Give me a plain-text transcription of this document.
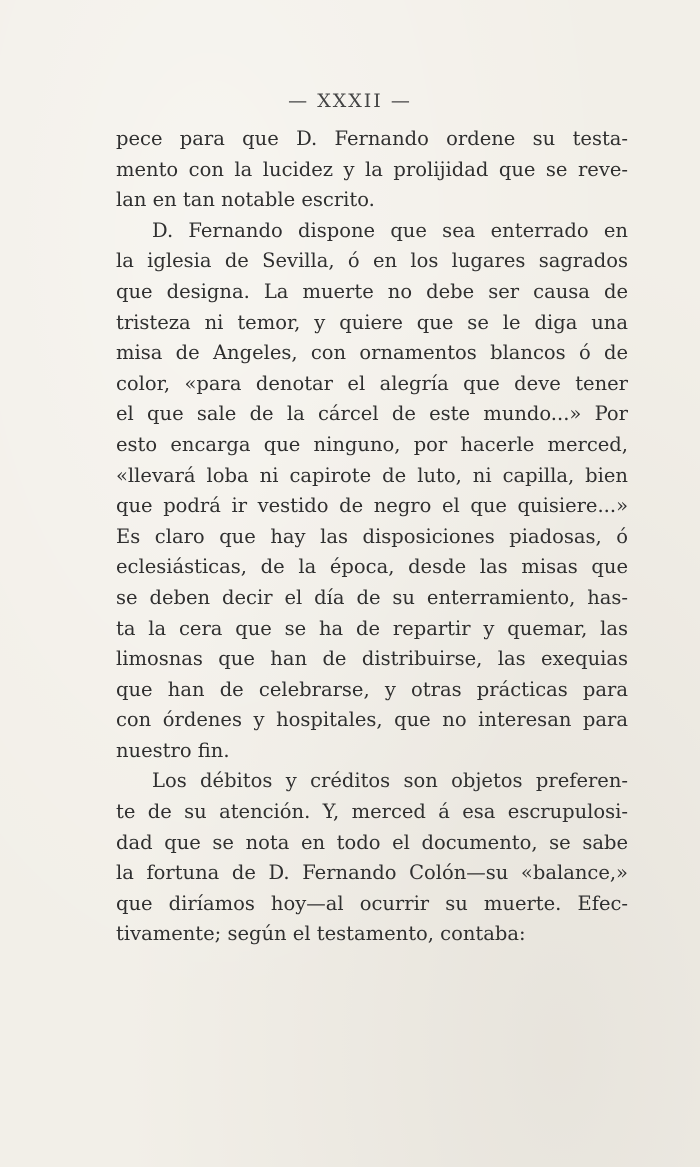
— XXXII —
pece para que D. Fernando ordene su testa-
mento con la lucidez y la prolijidad que se reve-
lan en tan notable escrito.
D. Fernando dispone que sea enterrado en
la iglesia de Sevilla, ó en los lugares sagrados
que designa. La muerte no debe ser causa de
tristeza ni temor, y quiere que se le diga una
misa de Angeles, con ornamentos blancos ó de
color, «para denotar el alegría que deve tener
el que sale de la cárcel de este mundo...» Por
esto encarga que ninguno, por hacerle merced,
«llevará loba ni capirote de luto, ni capilla, bien
que podrá ir vestido de negro el que quisiere...»
Es claro que hay las disposiciones piadosas, ó
eclesiásticas, de la época, desde las misas que
se deben decir el día de su enterramiento, has-
ta la cera que se ha de repartir y quemar, las
limosnas que han de distribuirse, las exequias
que han de celebrarse, y otras prácticas para
con órdenes y hospitales, que no interesan para
nuestro fin.
Los débitos y créditos son objetos preferen-
te de su atención. Y, merced á esa escrupulosi-
dad que se nota en todo el documento, se sabe
la fortuna de D. Fernando Colón—su «balance,»
que diríamos hoy—al ocurrir su muerte. Efec-
tivamente; según el testamento, contaba:
